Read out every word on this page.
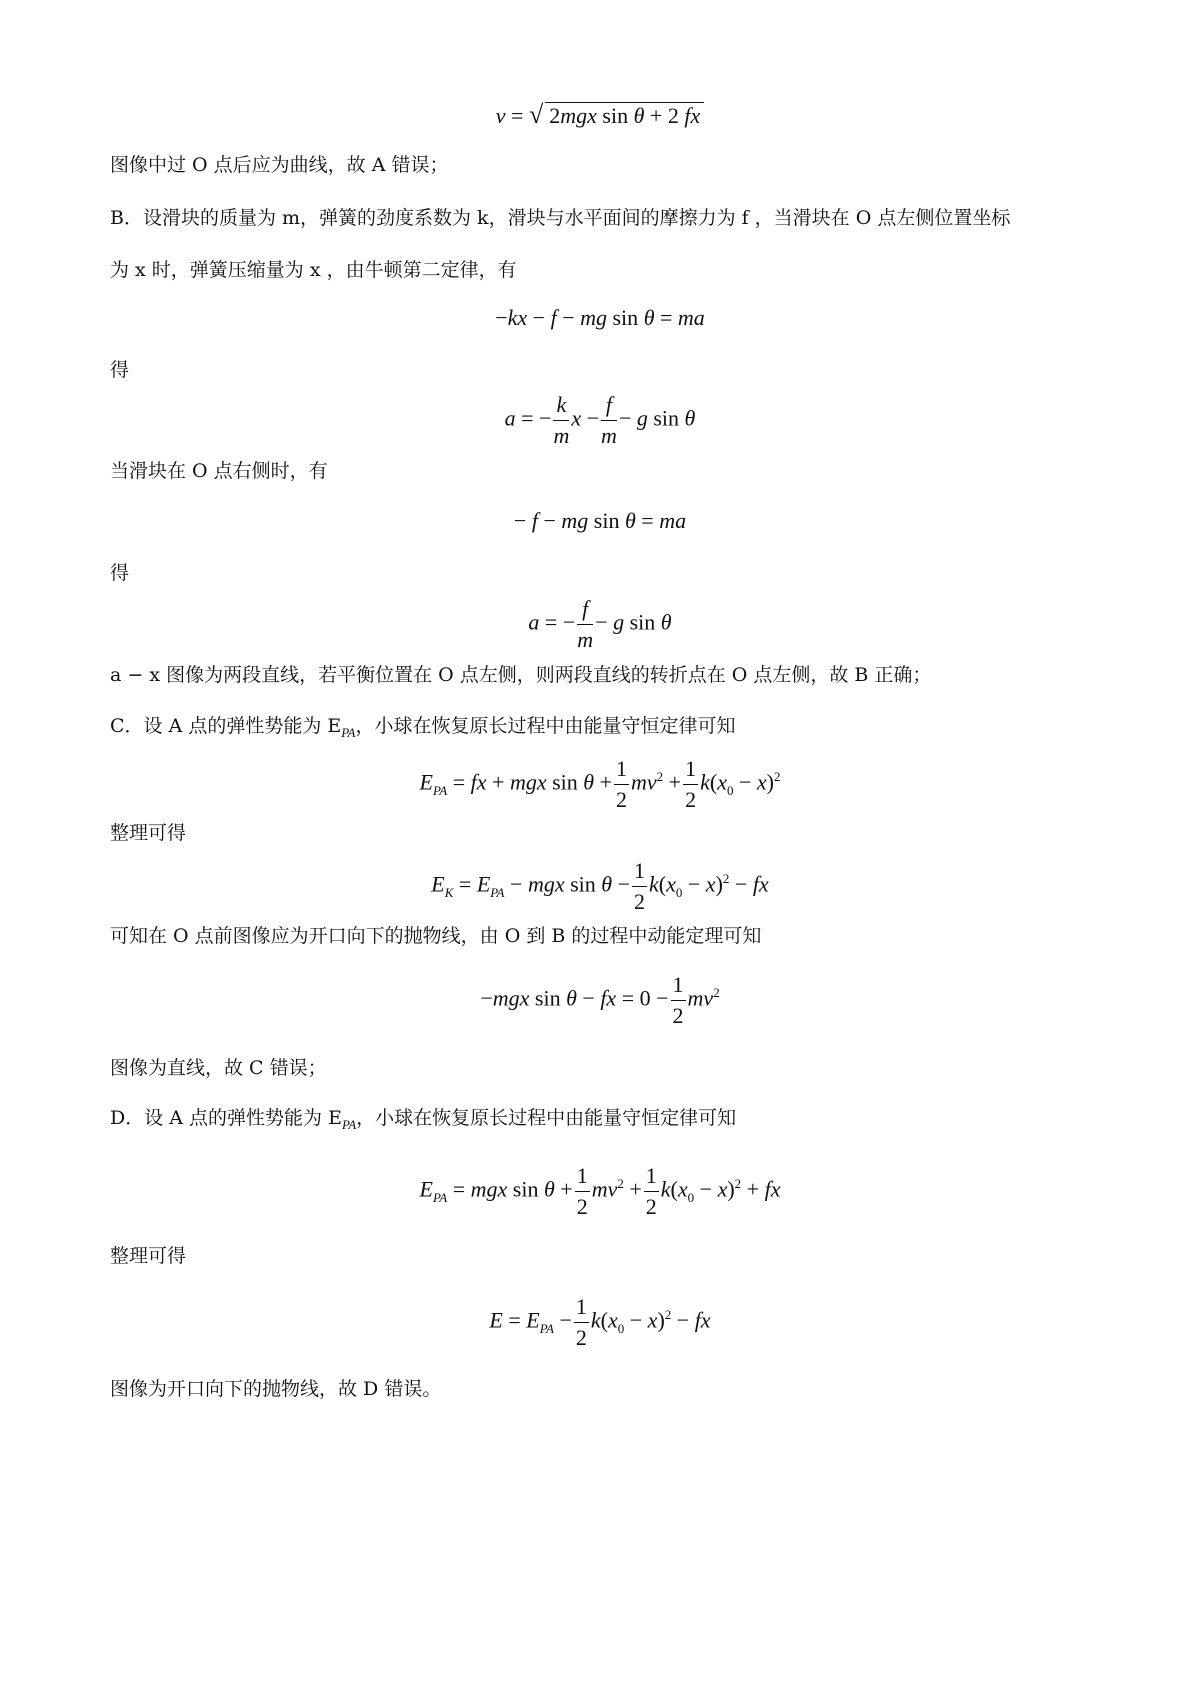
v = √ 2mgx sin θ + 2 fx
图像中过 O 点后应为曲线，故 A 错误；
B．设滑块的质量为 m，弹簧的劲度系数为 k，滑块与水平面间的摩擦力为 f ，当滑块在 O 点左侧位置坐标
为 x 时，弹簧压缩量为 x ，由牛顿第二定律，有
−kx − f − mg sin θ = ma
得
a = − $\frac{k}{m}$ $x - \frac{f}{m} - g$ sin θ
当滑块在 O 点右侧时，有
− f − mg sin θ = ma
得
a = − $\frac{f}{m} - g$ sin θ
a − x 图像为两段直线，若平衡位置在 O 点左侧，则两段直线的转折点在 O 点左侧，故 B 正确；
C．设 A 点的弹性势能为 $E_{PA}$，小球在恢复原长过程中由能量守恒定律可知
$E_{PA}$ = fx + mgx $\sin \theta + \frac{1}{2} mv^2 + \frac{1}{2} k(x_0 - x)^2$
整理可得
$E_K = E_{PA}$ − mgx $\sin \theta - \frac{1}{2} k(x_0 - x)^2$ − fx
可知在 O 点前图像应为开口向下的抛物线，由 O 到 B 的过程中动能定理可知
−mgx sin θ − fx = $0 - \frac{1}{2} mv^2$
图像为直线，故 C 错误；
D．设 A 点的弹性势能为 $E_{PA}$，小球在恢复原长过程中由能量守恒定律可知
$E_{PA}$ = mgx $\sin \theta + \frac{1}{2} mv^2 + \frac{1}{2} k(x_0 - x)^2$ + fx
整理可得
$E = E_{PA} - \frac{1}{2} k(x_0 - x)^2$ − fx
图像为开口向下的抛物线，故 D 错误。
